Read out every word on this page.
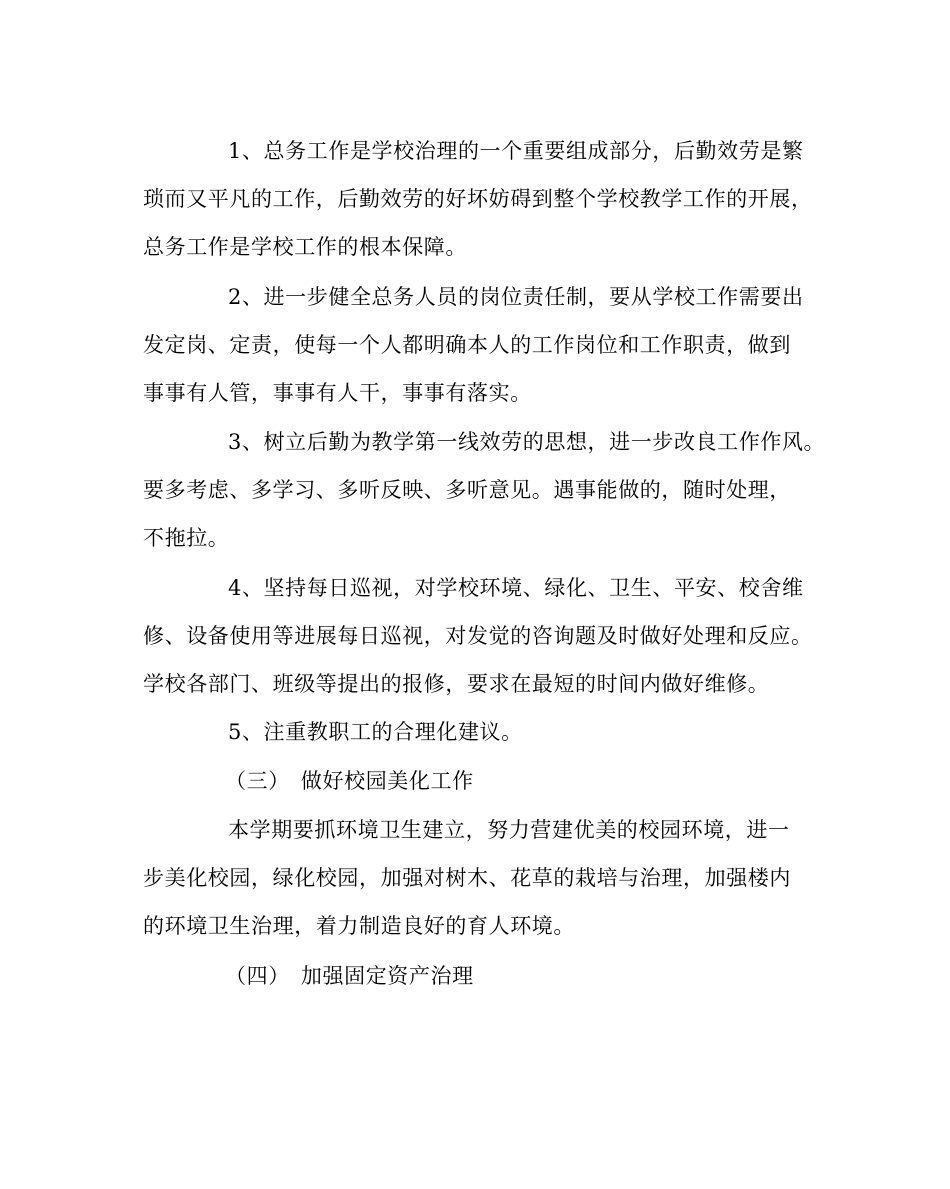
1、总务工作是学校治理的一个重要组成部分，后勤效劳是繁
琐而又平凡的工作，后勤效劳的好坏妨碍到整个学校教学工作的开展，
总务工作是学校工作的根本保障。
2、进一步健全总务人员的岗位责任制，要从学校工作需要出
发定岗、定责，使每一个人都明确本人的工作岗位和工作职责，做到
事事有人管，事事有人干，事事有落实。
3、树立后勤为教学第一线效劳的思想，进一步改良工作作风。
要多考虑、多学习、多听反映、多听意见。遇事能做的，随时处理，
不拖拉。
4、坚持每日巡视，对学校环境、绿化、卫生、平安、校舍维
修、设备使用等进展每日巡视，对发觉的咨询题及时做好处理和反应。
学校各部门、班级等提出的报修，要求在最短的时间内做好维修。
5、注重教职工的合理化建议。
（三）　做好校园美化工作
本学期要抓环境卫生建立，努力营建优美的校园环境，进一
步美化校园，绿化校园，加强对树木、花草的栽培与治理，加强楼内
的环境卫生治理，着力制造良好的育人环境。
（四）　加强固定资产治理
